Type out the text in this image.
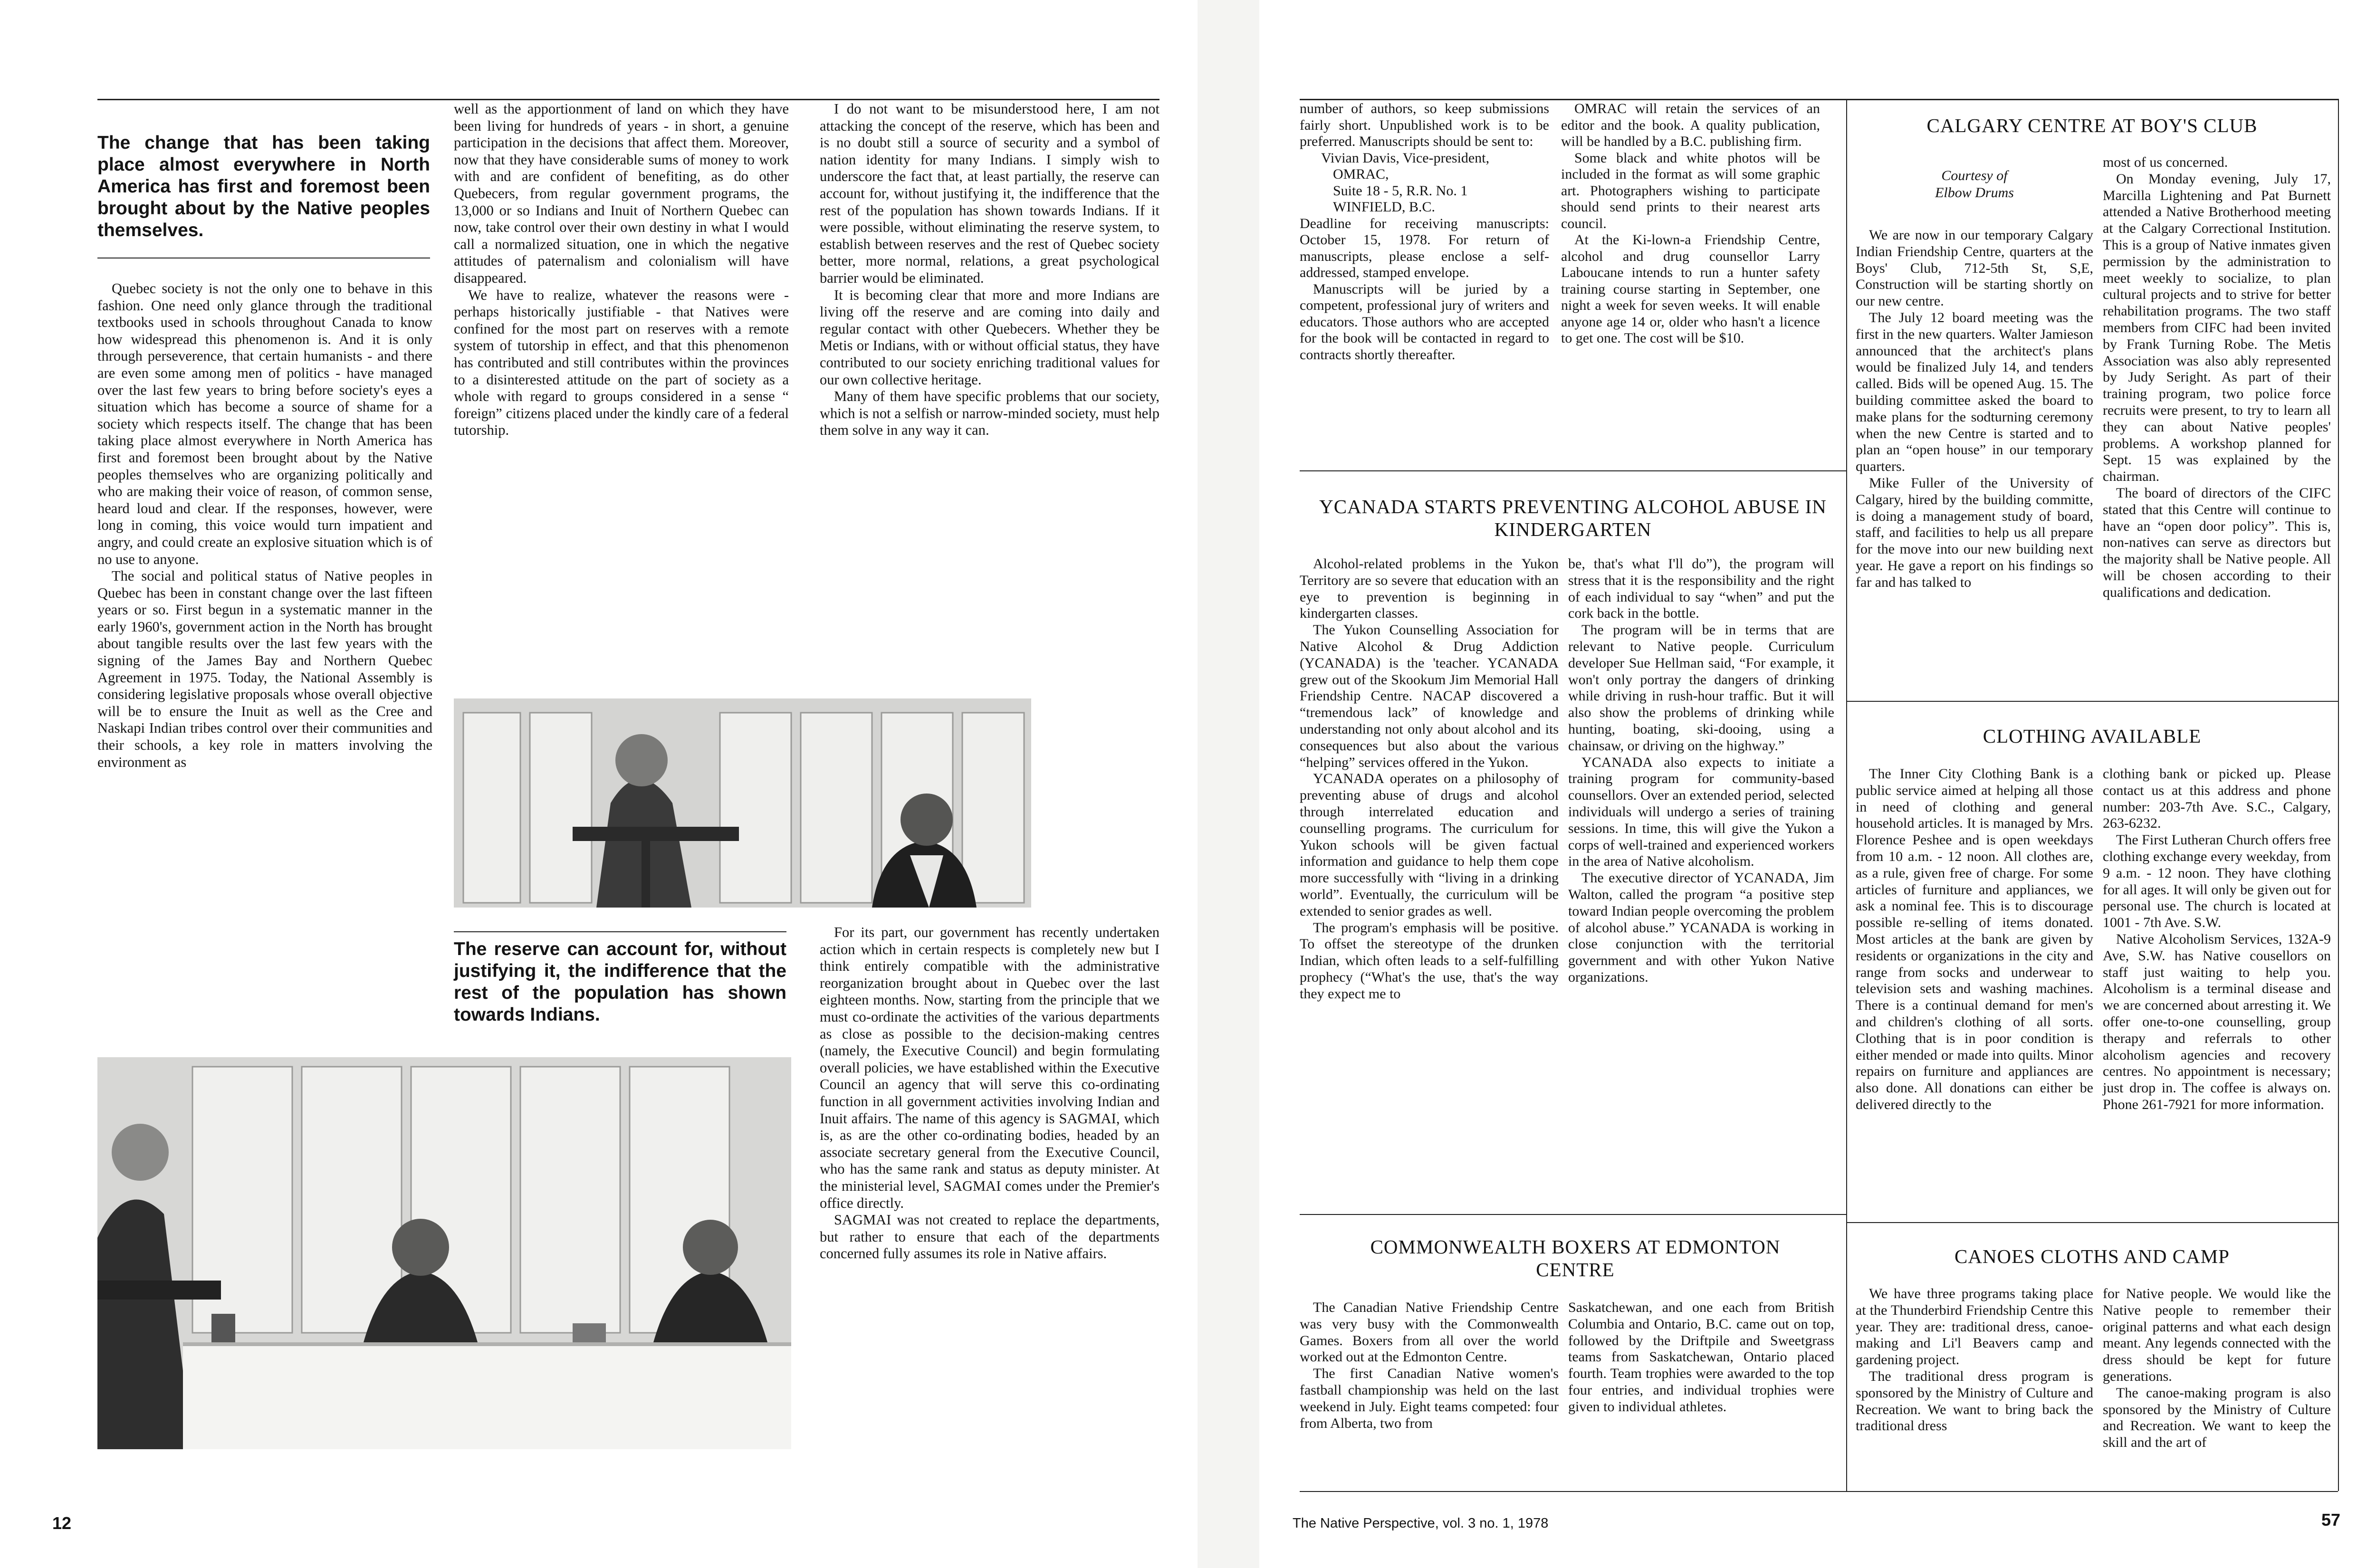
The change that has been taking place almost everywhere in North America has first and foremost been brought about by the Native peoples themselves.

Quebec society is not the only one to behave in this fashion. One need only glance through the traditional textbooks used in schools throughout Canada to know how widespread this phenomenon is. And it is only through perseverence, that certain humanists - and there are even some among men of politics - have managed over the last few years to bring before society's eyes a situation which has become a source of shame for a society which respects itself. The change that has been taking place almost everywhere in North America has first and foremost been brought about by the Native peoples themselves who are organizing politically and who are making their voice of reason, of common sense, heard loud and clear. If the responses, however, were long in coming, this voice would turn impatient and angry, and could create an explosive situation which is of no use to anyone.

The social and political status of Native peoples in Quebec has been in constant change over the last fifteen years or so. First begun in a systematic manner in the early 1960's, government action in the North has brought about tangible results over the last few years with the signing of the James Bay and Northern Quebec Agreement in 1975. Today, the National Assembly is considering legislative proposals whose overall objective will be to ensure the Inuit as well as the Cree and Naskapi Indian tribes control over their communities and their schools, a key role in matters involving the environment as

well as the apportionment of land on which they have been living for hundreds of years - in short, a genuine participation in the decisions that affect them. Moreover, now that they have considerable sums of money to work with and are confident of benefiting, as do other Quebecers, from regular government programs, the 13,000 or so Indians and Inuit of Northern Quebec can now, take control over their own destiny in what I would call a normalized situation, one in which the negative attitudes of paternalism and colonialism will have disappeared.

We have to realize, whatever the reasons were - perhaps historically justifiable - that Natives were confined for the most part on reserves with a remote system of tutorship in effect, and that this phenomenon has contributed and still contributes within the provinces to a disinterested attitude on the part of society as a whole with regard to groups considered in a sense “ foreign” citizens placed under the kindly care of a federal tutorship.

I do not want to be misunderstood here, I am not attacking the concept of the reserve, which has been and is no doubt still a source of security and a symbol of nation identity for many Indians. I simply wish to underscore the fact that, at least partially, the reserve can account for, without justifying it, the indifference that the rest of the population has shown towards Indians. If it were possible, without eliminating the reserve system, to establish between reserves and the rest of Quebec society better, more normal, relations, a great psychological barrier would be eliminated.

It is becoming clear that more and more Indians are living off the reserve and are coming into daily and regular contact with other Quebecers. Whether they be Metis or Indians, with or without official status, they have contributed to our society enriching traditional values for our own collective heritage.

Many of them have specific problems that our society, which is not a selfish or narrow-minded society, must help them solve in any way it can.

The reserve can account for, without justifying it, the indifference that the rest of the population has shown towards Indians.

For its part, our government has recently undertaken action which in certain respects is completely new but I think entirely compatible with the administrative reorganization brought about in Quebec over the last eighteen months. Now, starting from the principle that we must co-ordinate the activities of the various departments as close as possible to the decision-making centres (namely, the Executive Council) and begin formulating overall policies, we have established within the Executive Council an agency that will serve this co-ordinating function in all government activities involving Indian and Inuit affairs. The name of this agency is SAGMAI, which is, as are the other co-ordinating bodies, headed by an associate secretary general from the Executive Council, who has the same rank and status as deputy minister. At the ministerial level, SAGMAI comes under the Premier's office directly.

SAGMAI was not created to replace the departments, but rather to ensure that each of the departments concerned fully assumes its role in Native affairs.

12

number of authors, so keep submissions fairly short. Unpublished work is to be preferred. Manuscripts should be sent to:

Vivian Davis, Vice-president,

OMRAC,

Suite 18 - 5, R.R. No. 1

WINFIELD, B.C.

Deadline for receiving manuscripts: October 15, 1978. For return of manuscripts, please enclose a self-addressed, stamped envelope.

Manuscripts will be juried by a competent, professional jury of writers and educators. Those authors who are accepted for the book will be contacted in regard to contracts shortly thereafter.

OMRAC will retain the services of an editor and the book. A quality publication, will be handled by a B.C. publishing firm.

Some black and white photos will be included in the format as will some graphic art. Photographers wishing to participate should send prints to their nearest arts council.

At the Ki-lown-a Friendship Centre, alcohol and drug counsellor Larry Laboucane intends to run a hunter safety training course starting in September, one night a week for seven weeks. It will enable anyone age 14 or, older who hasn't a licence to get one. The cost will be $10.

YCANADA STARTS PREVENTING ALCOHOL ABUSE IN KINDERGARTEN

Alcohol-related problems in the Yukon Territory are so severe that education with an eye to prevention is beginning in kindergarten classes.

The Yukon Counselling Association for Native Alcohol & Drug Addiction (YCANADA) is the 'teacher. YCANADA grew out of the Skookum Jim Memorial Hall Friendship Centre. NACAP discovered a “tremendous lack” of knowledge and understanding not only about alcohol and its consequences but also about the various “helping” services offered in the Yukon.

YCANADA operates on a philosophy of preventing abuse of drugs and alcohol through interrelated education and counselling programs. The curriculum for Yukon schools will be given factual information and guidance to help them cope more successfully with “living in a drinking world”. Eventually, the curriculum will be extended to senior grades as well.

The program's emphasis will be positive. To offset the stereotype of the drunken Indian, which often leads to a self-fulfilling prophecy (“What's the use, that's the way they expect me to

be, that's what I'll do”), the program will stress that it is the responsibility and the right of each individual to say “when” and put the cork back in the bottle.

The program will be in terms that are relevant to Native people. Curriculum developer Sue Hellman said, “For example, it won't only portray the dangers of drinking while driving in rush-hour traffic. But it will also show the problems of drinking while hunting, boating, ski-dooing, using a chainsaw, or driving on the highway.”

YCANADA also expects to initiate a training program for community-based counsellors. Over an extended period, selected individuals will undergo a series of training sessions. In time, this will give the Yukon a corps of well-trained and experienced workers in the area of Native alcoholism.

The executive director of YCANADA, Jim Walton, called the program “a positive step toward Indian people overcoming the problem of alcohol abuse.” YCANADA is working in close conjunction with the territorial government and with other Yukon Native organizations.

COMMONWEALTH BOXERS AT EDMONTON CENTRE

The Canadian Native Friendship Centre was very busy with the Commonwealth Games. Boxers from all over the world worked out at the Edmonton Centre.

The first Canadian Native women's fastball championship was held on the last weekend in July. Eight teams competed: four from Alberta, two from

Saskatchewan, and one each from British Columbia and Ontario, B.C. came out on top, followed by the Driftpile and Sweetgrass teams from Saskatchewan, Ontario placed fourth. Team trophies were awarded to the top four entries, and individual trophies were given to individual athletes.

CALGARY CENTRE AT BOY'S CLUB
Courtesy of
Elbow Drums

We are now in our temporary Calgary Indian Friendship Centre, quarters at the Boys' Club, 712-5th St, S,E, Construction will be starting shortly on our new centre.

The July 12 board meeting was the first in the new quarters. Walter Jamieson announced that the architect's plans would be finalized July 14, and tenders called. Bids will be opened Aug. 15. The building committee asked the board to make plans for the sodturning ceremony when the new Centre is started and to plan an “open house” in our temporary quarters.

Mike Fuller of the University of Calgary, hired by the building committe, is doing a management study of board, staff, and facilities to help us all prepare for the move into our new building next year. He gave a report on his findings so far and has talked to

most of us concerned.

On Monday evening, July 17, Marcilla Lightening and Pat Burnett attended a Native Brotherhood meeting at the Calgary Correctional Institution. This is a group of Native inmates given permission by the administration to meet weekly to socialize, to plan cultural projects and to strive for better rehabilitation programs. The two staff members from CIFC had been invited by Frank Turning Robe. The Metis Association was also ably represented by Judy Seright. As part of their training program, two police force recruits were present, to try to learn all they can about Native peoples' problems. A workshop planned for Sept. 15 was explained by the chairman.

The board of directors of the CIFC stated that this Centre will continue to have an “open door policy”. This is, non-natives can serve as directors but the majority shall be Native people. All will be chosen according to their qualifications and dedication.

CLOTHING AVAILABLE

The Inner City Clothing Bank is a public service aimed at helping all those in need of clothing and general household articles. It is managed by Mrs. Florence Peshee and is open weekdays from 10 a.m. - 12 noon. All clothes are, as a rule, given free of charge. For some articles of furniture and appliances, we ask a nominal fee. This is to discourage possible re-selling of items donated. Most articles at the bank are given by residents or organizations in the city and range from socks and underwear to television sets and washing machines. There is a continual demand for men's and children's clothing of all sorts. Clothing that is in poor condition is either mended or made into quilts. Minor repairs on furniture and appliances are also done. All donations can either be delivered directly to the

clothing bank or picked up. Please contact us at this address and phone number: 203-7th Ave. S.C., Calgary, 263-6232.

The First Lutheran Church offers free clothing exchange every weekday, from 9 a.m. - 12 noon. They have clothing for all ages. It will only be given out for personal use. The church is located at 1001 - 7th Ave. S.W.

Native Alcoholism Services, 132A-9 Ave, S.W. has Native cousellors on staff just waiting to help you. Alcoholism is a terminal disease and we are concerned about arresting it. We offer one-to-one counselling, group therapy and referrals to other alcoholism agencies and recovery centres. No appointment is necessary; just drop in. The coffee is always on. Phone 261-7921 for more information.

CANOES CLOTHS AND CAMP

We have three programs taking place at the Thunderbird Friendship Centre this year. They are: traditional dress, canoe-making and Li'l Beavers camp and gardening project.

The traditional dress program is sponsored by the Ministry of Culture and Recreation. We want to bring back the traditional dress

for Native people. We would like the Native people to remember their original patterns and what each design meant. Any legends connected with the dress should be kept for future generations.

The canoe-making program is also sponsored by the Ministry of Culture and Recreation. We want to keep the skill and the art of

The Native Perspective, vol. 3 no. 1, 1978	57
